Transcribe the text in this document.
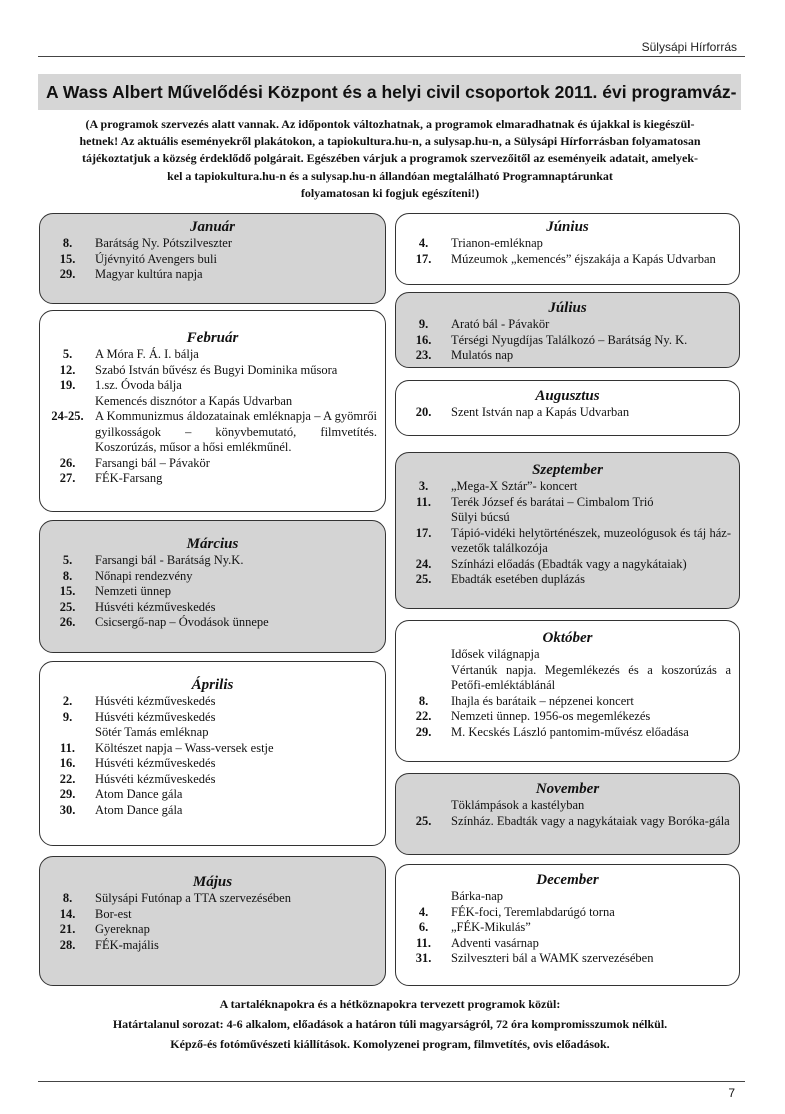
Sülysápi Hírforrás
A Wass Albert Művelődési Központ és a helyi civil csoportok 2011. évi programváz-
(A programok szervezés alatt vannak. Az időpontok változhatnak, a programok elmaradhatnak és újakkal is kiegészül-
hetnek! Az aktuális eseményekről plakátokon, a tapiokultura.hu-n, a sulysap.hu-n, a Sülysápi Hírforrásban folyamatosan
tájékoztatjuk a község érdeklődő polgárait. Egészében várjuk a programok szervezőitől az eseményeik adatait, amelyek-
kel a tapiokultura.hu-n és a sulysap.hu-n állandóan megtalálható Programnaptárunkat
folyamatosan ki fogjuk egészíteni!)
Január
8.	Barátság Ny. Pótszilveszter
15.	Újévnyitó Avengers buli
29.	Magyar kultúra napja
Február
5.	A Móra F. Á. I. bálja
12.	Szabó István bűvész és Bugyi Dominika műsora
19.	1.sz. Óvoda bálja
Kemencés disznótor a Kapás Udvarban
24-25. A Kommunizmus áldozatainak emléknapja – A gyömrői gyilkosságok – könyvbemutató, filmvetítés. Koszorúzás, műsor a hősi emlékműnél.
26.	Farsangi bál – Pávakör
27.	FÉK-Farsang
Március
5.	Farsangi bál - Barátság Ny.K.
8.	Nőnapi rendezvény
15.	Nemzeti ünnep
25.	Húsvéti kézműveskedés
26.	Csicsergő-nap – Óvodások ünnepe
Április
2.	Húsvéti kézműveskedés
9.	Húsvéti kézműveskedés
Sötér Tamás emléknap
11.	Költészet napja – Wass-versek estje
16.	Húsvéti kézműveskedés
22.	Húsvéti kézműveskedés
29.	Atom Dance gála
30.	Atom Dance gála
Május
8.	Sülysápi Futónap a TTA szervezésében
14.	Bor-est
21.	Gyereknap
28.	FÉK-majális
Június
4.	Trianon-emléknap
17.	Múzeumok „kemencés” éjszakája a Kapás Udvarban
Július
9.	Arató bál - Pávakör
16.	Térségi Nyugdíjas Találkozó – Barátság Ny. K.
23.	Mulatós nap
Augusztus
20.	Szent István nap a Kapás Udvarban
Szeptember
3.	„Mega-X Sztár”- koncert
11.	Terék József és barátai – Cimbalom Trió
Sülyi búcsú
17.	Tápió-vidéki helytörténészek, muzeológusok és táj ház-vezetők találkozója
24.	Színházi előadás (Ebadták vagy a nagykátaiak)
25.	Ebadták esetében duplázás
Október
Idősek világnapja
Vértanúk napja. Megemlékezés és a koszorúzás a Petőfi-emléktáblánál
8.	Ihajla és barátaik – népzenei koncert
22.	Nemzeti ünnep. 1956-os megemlékezés
29.	M. Kecskés László pantomim-művész előadása
November
Töklámpások a kastélyban
25.	Színház. Ebadták vagy a nagykátaiak vagy Boróka-gála
December
Bárka-nap
4.	FÉK-foci, Teremlabdarúgó torna
6.	„FÉK-Mikulás”
11.	Adventi vasárnap
31.	Szilveszteri bál a WAMK szervezésében
A tartaléknapokra és a hétköznapokra tervezett programok közül:
Határtalanul sorozat: 4-6 alkalom, előadások a határon túli magyarságról, 72 óra kompromisszumok nélkül.
Képző-és fotóművészeti kiállítások. Komolyzenei program, filmvetítés, ovis előadások.
7
